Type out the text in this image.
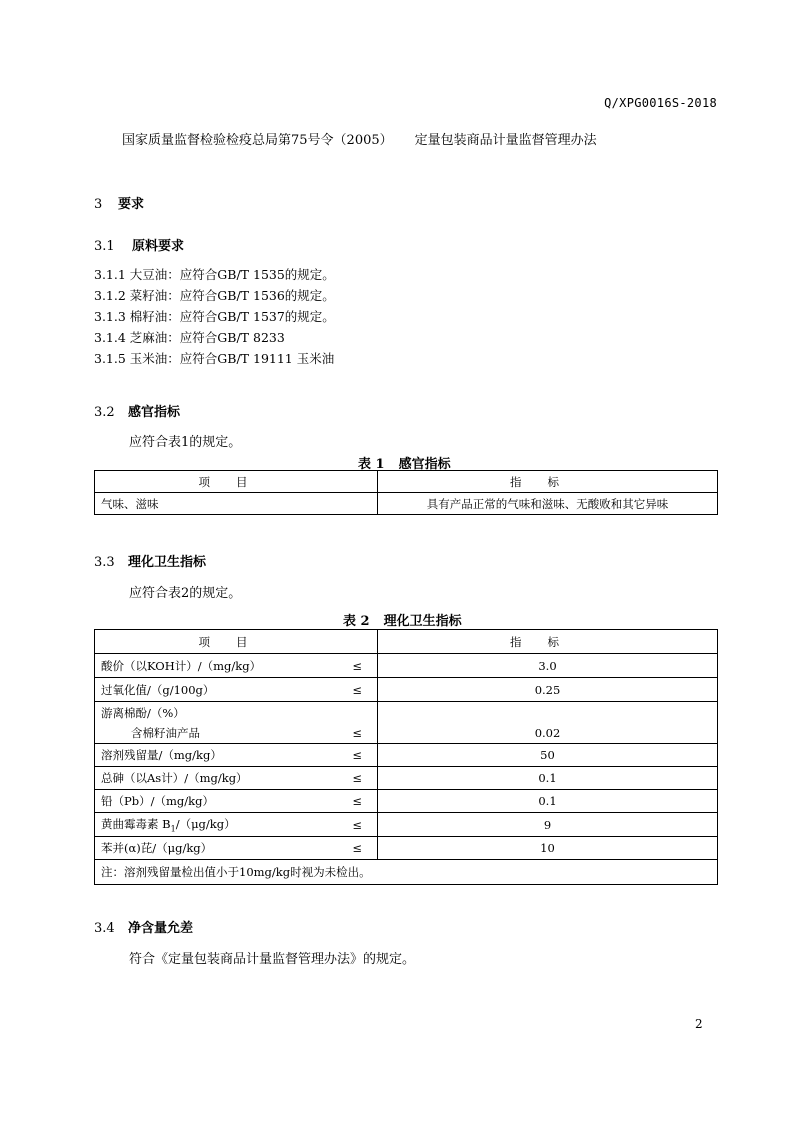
Q/XPG0016S-2018
国家质量监督检验检疫总局第75号令（2005） 定量包装商品计量监督管理办法
3 要求
3.1 原料要求
3.1.1 大豆油：应符合GB/T 1535的规定。
3.1.2 菜籽油：应符合GB/T 1536的规定。
3.1.3 棉籽油：应符合GB/T 1537的规定。
3.1.4 芝麻油：应符合GB/T 8233
3.1.5 玉米油：应符合GB/T 19111 玉米油
3.2 感官指标
应符合表1的规定。
表 1 感官指标
项目	指标
气味、滋味	具有产品正常的气味和滋味、无酸败和其它异味
3.3 理化卫生指标
应符合表2的规定。
表 2 理化卫生指标
项目		指标
酸价（以KOH计）/（mg/kg）	≤	3.0
过氧化值/（g/100g）	≤	0.25

游离棉酚/（%）
含棉籽油产品	≤	0.02
溶剂残留量/（mg/kg）	≤	50
总砷（以As计）/（mg/kg）	≤	0.1
铅（Pb）/（mg/kg）	≤	0.1
黄曲霉毒素 $B_1/(\mu g/kg)$	≤	9
苯并(α)芘/（μg/kg）	≤	10
注：溶剂残留量检出值小于10mg/kg时视为未检出。		
3.4 净含量允差
符合《定量包装商品计量监督管理办法》的规定。
2
